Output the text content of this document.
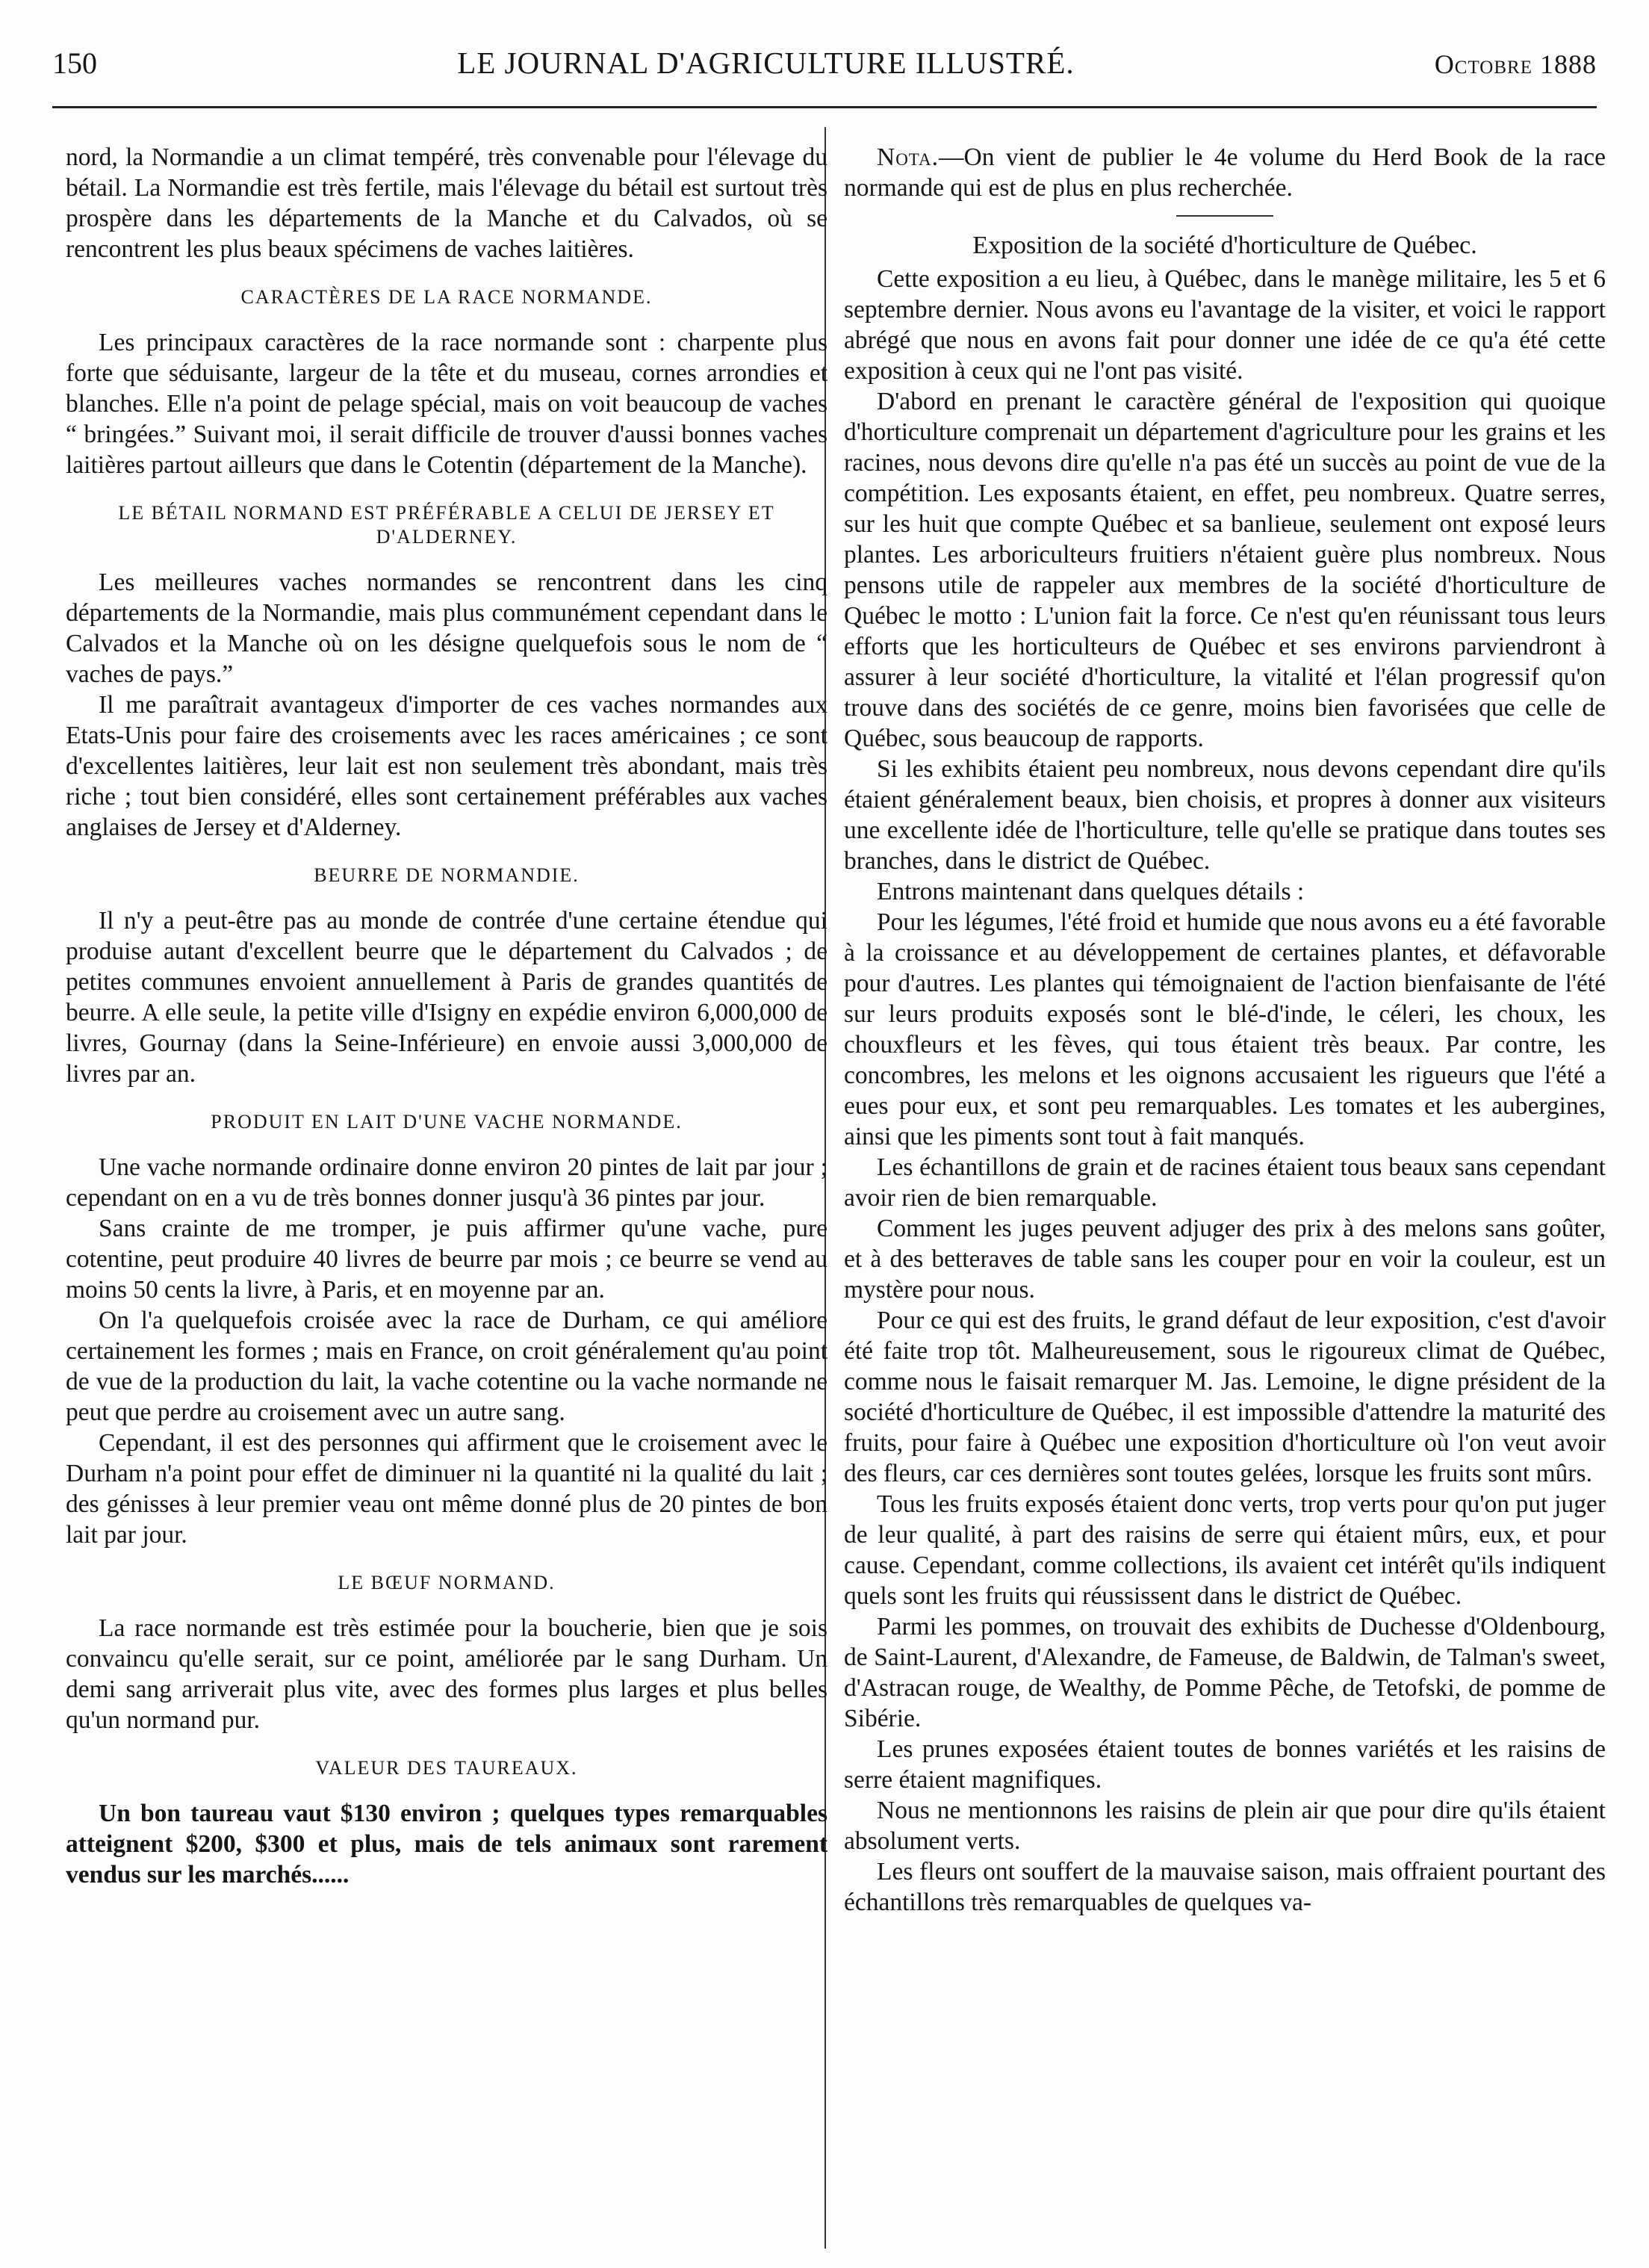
150	LE JOURNAL D'AGRICULTURE ILLUSTRÉ.	Octobre 1888

nord, la Normandie a un climat tempéré, très convenable pour l'élevage du bétail. La Normandie est très fertile, mais l'élevage du bétail est surtout très prospère dans les départements de la Manche et du Calvados, où se rencontrent les plus beaux spécimens de vaches laitières.

CARACTÈRES DE LA RACE NORMANDE.

Les principaux caractères de la race normande sont : charpente plus forte que séduisante, largeur de la tête et du museau, cornes arrondies et blanches. Elle n'a point de pelage spécial, mais on voit beaucoup de vaches “ bringées.” Suivant moi, il serait difficile de trouver d'aussi bonnes vaches laitières partout ailleurs que dans le Cotentin (département de la Manche).

LE BÉTAIL NORMAND EST PRÉFÉRABLE A CELUI DE JERSEY ET D'ALDERNEY.

Les meilleures vaches normandes se rencontrent dans les cinq départements de la Normandie, mais plus communément cependant dans le Calvados et la Manche où on les désigne quelquefois sous le nom de “ vaches de pays.”

Il me paraîtrait avantageux d'importer de ces vaches normandes aux Etats-Unis pour faire des croisements avec les races américaines ; ce sont d'excellentes laitières, leur lait est non seulement très abondant, mais très riche ; tout bien considéré, elles sont certainement préférables aux vaches anglaises de Jersey et d'Alderney.

BEURRE DE NORMANDIE.

Il n'y a peut-être pas au monde de contrée d'une certaine étendue qui produise autant d'excellent beurre que le département du Calvados ; de petites communes envoient annuellement à Paris de grandes quantités de beurre. A elle seule, la petite ville d'Isigny en expédie environ 6,000,000 de livres, Gournay (dans la Seine-Inférieure) en envoie aussi 3,000,000 de livres par an.

PRODUIT EN LAIT D'UNE VACHE NORMANDE.

Une vache normande ordinaire donne environ 20 pintes de lait par jour ; cependant on en a vu de très bonnes donner jusqu'à 36 pintes par jour.

Sans crainte de me tromper, je puis affirmer qu'une vache, pure cotentine, peut produire 40 livres de beurre par mois ; ce beurre se vend au moins 50 cents la livre, à Paris, et en moyenne par an.

On l'a quelquefois croisée avec la race de Durham, ce qui améliore certainement les formes ; mais en France, on croit généralement qu'au point de vue de la production du lait, la vache cotentine ou la vache normande ne peut que perdre au croisement avec un autre sang.

Cependant, il est des personnes qui affirment que le croisement avec le Durham n'a point pour effet de diminuer ni la quantité ni la qualité du lait ; des génisses à leur premier veau ont même donné plus de 20 pintes de bon lait par jour.

LE BŒUF NORMAND.

La race normande est très estimée pour la boucherie, bien que je sois convaincu qu'elle serait, sur ce point, améliorée par le sang Durham. Un demi sang arriverait plus vite, avec des formes plus larges et plus belles qu'un normand pur.

VALEUR DES TAUREAUX.

Un bon taureau vaut $130 environ ; quelques types remarquables atteignent $200, $300 et plus, mais de tels animaux sont rarement vendus sur les marchés......

Nota.—On vient de publier le 4e volume du Herd Book de la race normande qui est de plus en plus recherchée.

Exposition de la société d'horticulture de Québec.

Cette exposition a eu lieu, à Québec, dans le manège militaire, les 5 et 6 septembre dernier. Nous avons eu l'avantage de la visiter, et voici le rapport abrégé que nous en avons fait pour donner une idée de ce qu'a été cette exposition à ceux qui ne l'ont pas visité.

D'abord en prenant le caractère général de l'exposition qui quoique d'horticulture comprenait un département d'agriculture pour les grains et les racines, nous devons dire qu'elle n'a pas été un succès au point de vue de la compétition. Les exposants étaient, en effet, peu nombreux. Quatre serres, sur les huit que compte Québec et sa banlieue, seulement ont exposé leurs plantes. Les arboriculteurs fruitiers n'étaient guère plus nombreux. Nous pensons utile de rappeler aux membres de la société d'horticulture de Québec le motto : L'union fait la force. Ce n'est qu'en réunissant tous leurs efforts que les horticulteurs de Québec et ses environs parviendront à assurer à leur société d'horticulture, la vitalité et l'élan progressif qu'on trouve dans des sociétés de ce genre, moins bien favorisées que celle de Québec, sous beaucoup de rapports.

Si les exhibits étaient peu nombreux, nous devons cependant dire qu'ils étaient généralement beaux, bien choisis, et propres à donner aux visiteurs une excellente idée de l'horticulture, telle qu'elle se pratique dans toutes ses branches, dans le district de Québec.

Entrons maintenant dans quelques détails :

Pour les légumes, l'été froid et humide que nous avons eu a été favorable à la croissance et au développement de certaines plantes, et défavorable pour d'autres. Les plantes qui témoignaient de l'action bienfaisante de l'été sur leurs produits exposés sont le blé-d'inde, le céleri, les choux, les chouxfleurs et les fèves, qui tous étaient très beaux. Par contre, les concombres, les melons et les oignons accusaient les rigueurs que l'été a eues pour eux, et sont peu remarquables. Les tomates et les aubergines, ainsi que les piments sont tout à fait manqués.

Les échantillons de grain et de racines étaient tous beaux sans cependant avoir rien de bien remarquable.

Comment les juges peuvent adjuger des prix à des melons sans goûter, et à des betteraves de table sans les couper pour en voir la couleur, est un mystère pour nous.

Pour ce qui est des fruits, le grand défaut de leur exposition, c'est d'avoir été faite trop tôt. Malheureusement, sous le rigoureux climat de Québec, comme nous le faisait remarquer M. Jas. Lemoine, le digne président de la société d'horticulture de Québec, il est impossible d'attendre la maturité des fruits, pour faire à Québec une exposition d'horticulture où l'on veut avoir des fleurs, car ces dernières sont toutes gelées, lorsque les fruits sont mûrs.

Tous les fruits exposés étaient donc verts, trop verts pour qu'on put juger de leur qualité, à part des raisins de serre qui étaient mûrs, eux, et pour cause. Cependant, comme collections, ils avaient cet intérêt qu'ils indiquent quels sont les fruits qui réussissent dans le district de Québec.

Parmi les pommes, on trouvait des exhibits de Duchesse d'Oldenbourg, de Saint-Laurent, d'Alexandre, de Fameuse, de Baldwin, de Talman's sweet, d'Astracan rouge, de Wealthy, de Pomme Pêche, de Tetofski, de pomme de Sibérie.

Les prunes exposées étaient toutes de bonnes variétés et les raisins de serre étaient magnifiques.

Nous ne mentionnons les raisins de plein air que pour dire qu'ils étaient absolument verts.

Les fleurs ont souffert de la mauvaise saison, mais offraient pourtant des échantillons très remarquables de quelques va-
